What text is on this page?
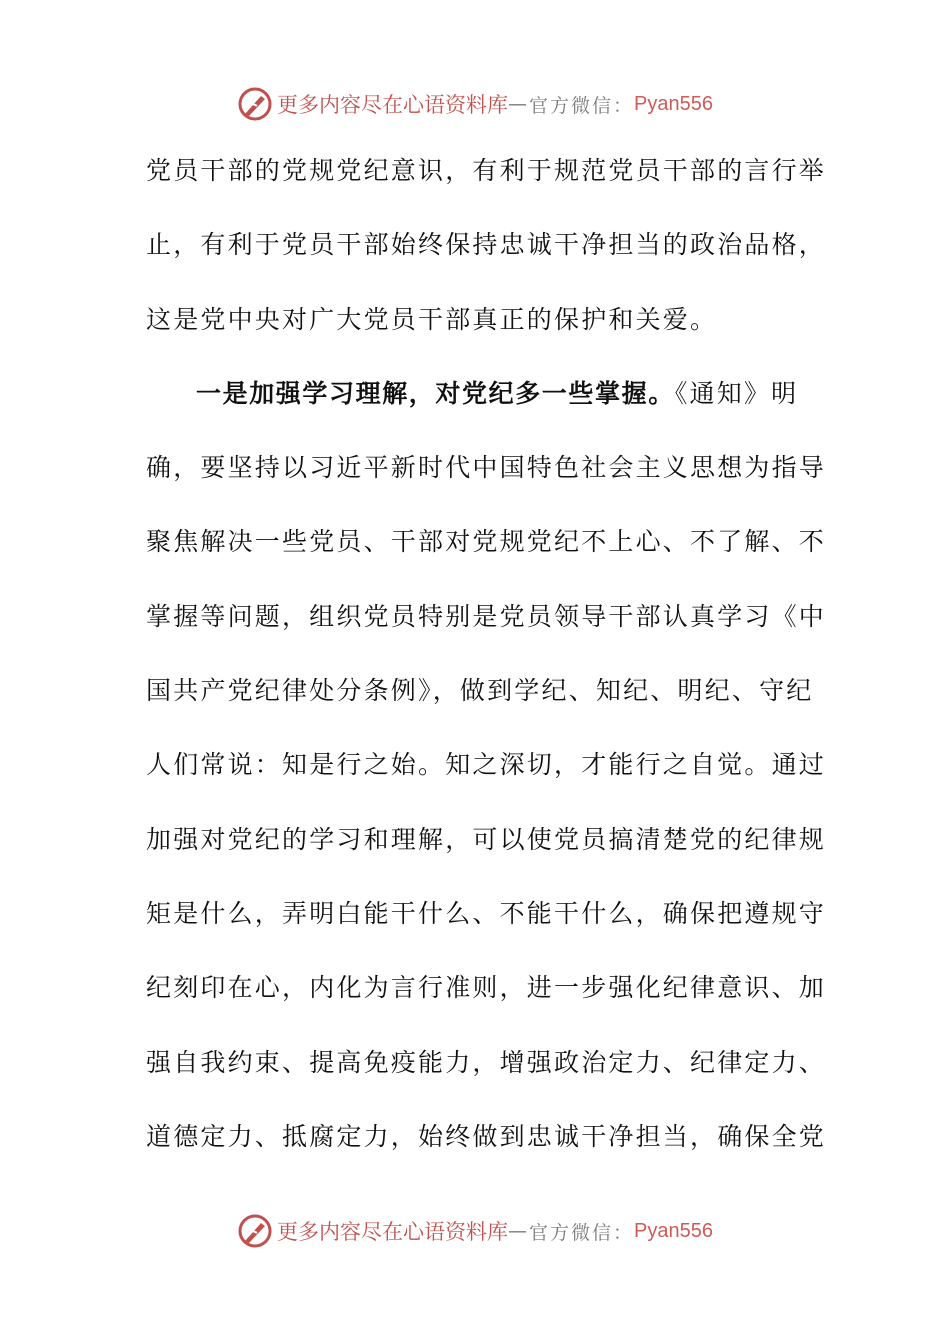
更多内容尽在心语资料库 — 官方微信： Pyan556
党员干部的党规党纪意识，有利于规范党员干部的言行举
止，有利于党员干部始终保持忠诚干净担当的政治品格，
这是党中央对广大党员干部真正的保护和关爱。
一是加强学习理解，对党纪多一些掌握。《通知》明
确，要坚持以习近平新时代中国特色社会主义思想为指导
聚焦解决一些党员、干部对党规党纪不上心、不了解、不
掌握等问题，组织党员特别是党员领导干部认真学习《中
国共产党纪律处分条例》，做到学纪、知纪、明纪、守纪
人们常说：知是行之始。知之深切，才能行之自觉。通过
加强对党纪的学习和理解，可以使党员搞清楚党的纪律规
矩是什么，弄明白能干什么、不能干什么，确保把遵规守
纪刻印在心，内化为言行准则，进一步强化纪律意识、加
强自我约束、提高免疫能力，增强政治定力、纪律定力、
道德定力、抵腐定力，始终做到忠诚干净担当，确保全党
更多内容尽在心语资料库 — 官方微信： Pyan556
